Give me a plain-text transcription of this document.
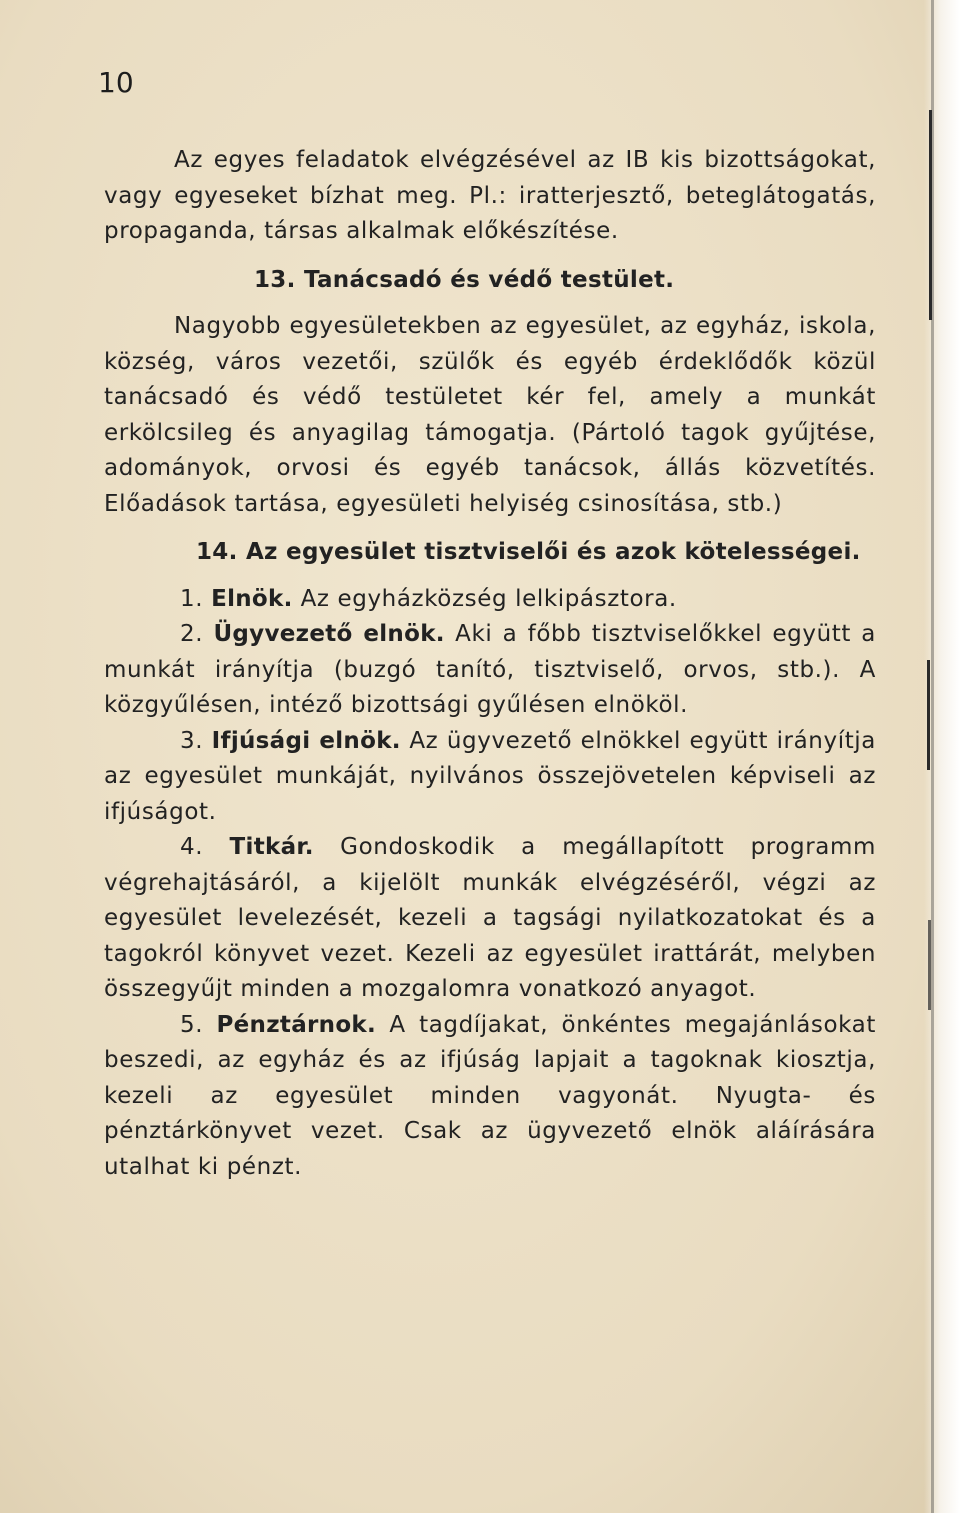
10

Az egyes feladatok elvégzésével az IB kis bizottságokat, vagy egyeseket bízhat meg. Pl.: iratterjesztő, beteglátogatás, propaganda, társas alkalmak előkészítése.

13. Tanácsadó és védő testület.

Nagyobb egyesületekben az egyesület, az egyház, iskola, község, város vezetői, szülők és egyéb érdeklődők közül tanácsadó és védő testületet kér fel, amely a munkát erkölcsileg és anyagilag támogatja. (Pártoló tagok gyűjtése, adományok, orvosi és egyéb tanácsok, állás közvetítés. Előadások tartása, egyesületi helyiség csinosítása, stb.)

14. Az egyesület tisztviselői és azok kötelességei.

1. Elnök. Az egyházközség lelkipásztora.

2. Ügyvezető elnök. Aki a főbb tisztviselőkkel együtt a munkát irányítja (buzgó tanító, tisztviselő, orvos, stb.). A közgyűlésen, intéző bizottsági gyűlésen elnököl.

3. Ifjúsági elnök. Az ügyvezető elnökkel együtt irányítja az egyesület munkáját, nyilvános összejövetelen képviseli az ifjúságot.

4. Titkár. Gondoskodik a megállapított programm végrehajtásáról, a kijelölt munkák elvégzéséről, végzi az egyesület levelezését, kezeli a tagsági nyilatkozatokat és a tagokról könyvet vezet. Kezeli az egyesület irattárát, melyben összegyűjt minden a mozgalomra vonatkozó anyagot.

5. Pénztárnok. A tagdíjakat, önkéntes megajánlásokat beszedi, az egyház és az ifjúság lapjait a tagoknak kiosztja, kezeli az egyesület minden vagyonát. Nyugta- és pénztárkönyvet vezet. Csak az ügyvezető elnök aláírására utalhat ki pénzt.
